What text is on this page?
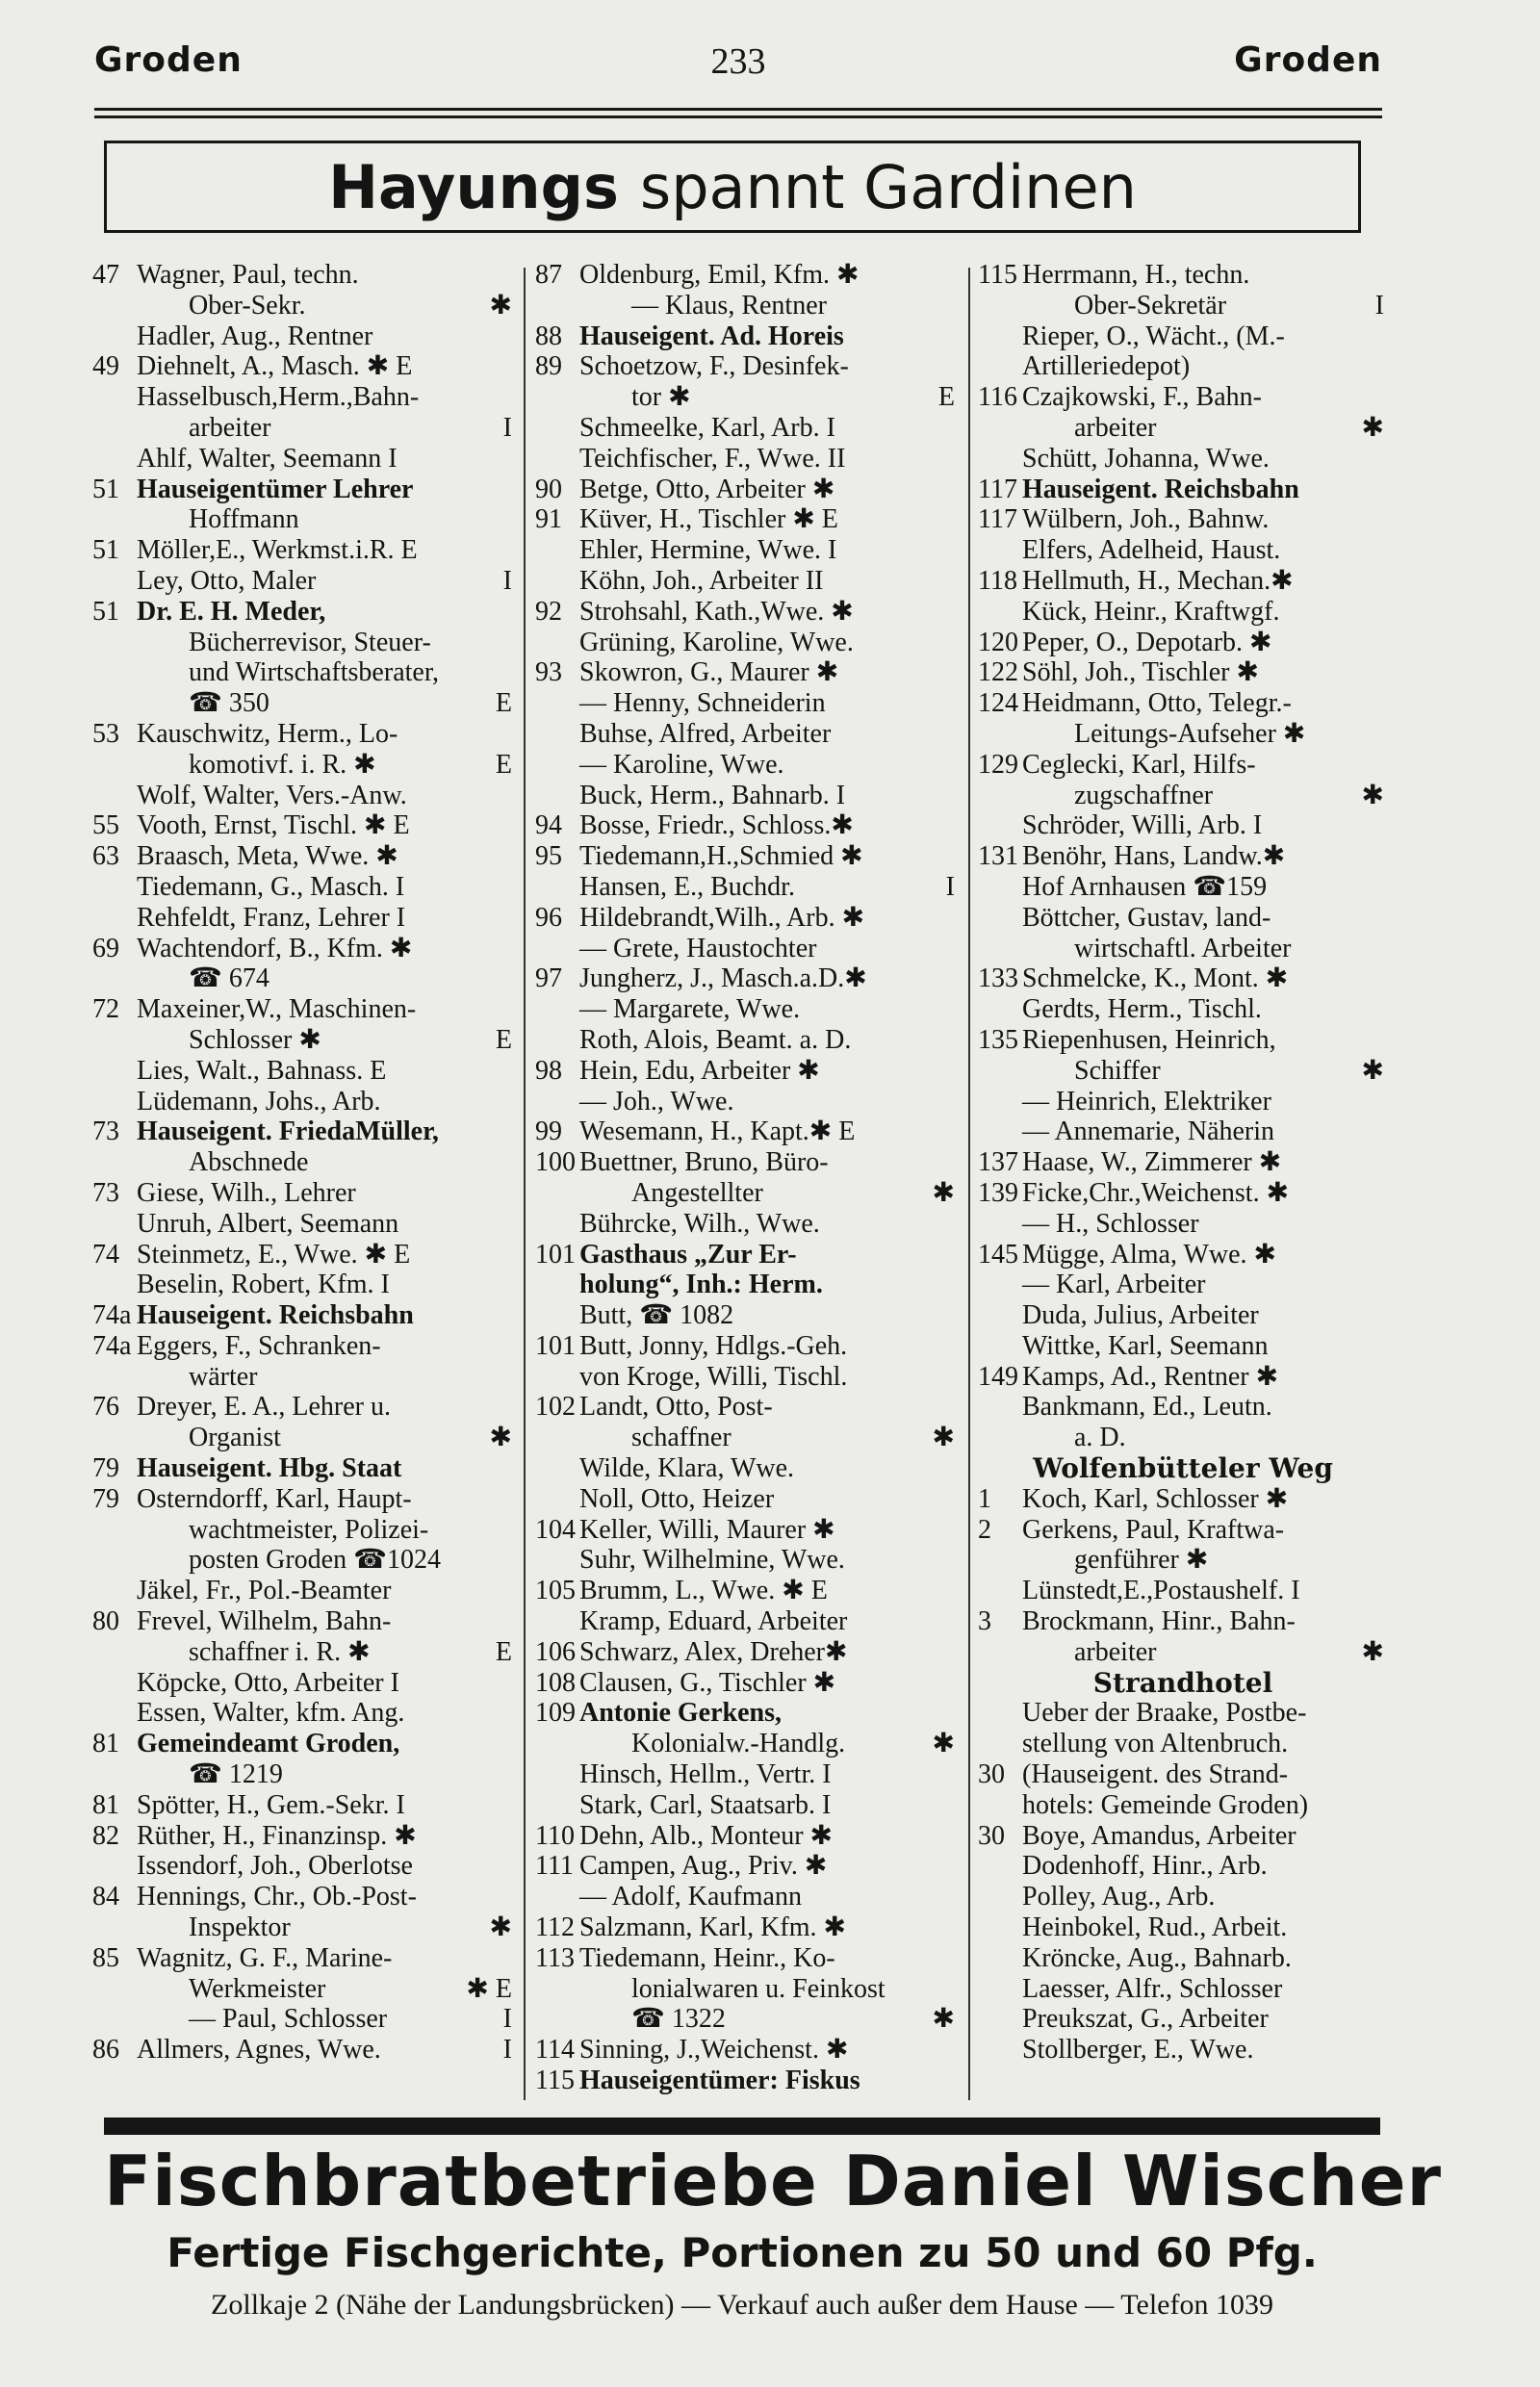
Groden	233	Groden
Hayungs spannt Gardinen
47 Wagner, Paul, techn.
Ober-Sekr.	✱
Hadler, Aug., Rentner
49 Diehnelt, A., Masch. ✱ E
Hasselbusch,Herm.,Bahn-
arbeiter	I
Ahlf, Walter, Seemann I
51 Hauseigentümer Lehrer
Hoffmann
51 Möller,E., Werkmst.i.R. E
Ley, Otto, Maler	I
51 Dr. E. H. Meder,
Bücherrevisor, Steuer-
und Wirtschaftsberater,
☎ 350	E
53 Kauschwitz, Herm., Lo-
komotivf. i. R. ✱	E
Wolf, Walter, Vers.-Anw.
55 Vooth, Ernst, Tischl. ✱ E
63 Braasch, Meta, Wwe. ✱
Tiedemann, G., Masch. I
Rehfeldt, Franz, Lehrer I
69 Wachtendorf, B., Kfm. ✱
☎ 674
72 Maxeiner,W., Maschinen-
Schlosser ✱	E
Lies, Walt., Bahnass. E
Lüdemann, Johs., Arb.
73 Hauseigent. FriedaMüller,
Abschnede
73 Giese, Wilh., Lehrer
Unruh, Albert, Seemann
74 Steinmetz, E., Wwe. ✱ E
Beselin, Robert, Kfm. I
74a Hauseigent. Reichsbahn
74a Eggers, F., Schranken-
wärter
76 Dreyer, E. A., Lehrer u.
Organist	✱
79 Hauseigent. Hbg. Staat
79 Osterndorff, Karl, Haupt-
wachtmeister, Polizei-
posten Groden ☎1024
Jäkel, Fr., Pol.-Beamter
80 Frevel, Wilhelm, Bahn-
schaffner i. R. ✱	E
Köpcke, Otto, Arbeiter I
Essen, Walter, kfm. Ang.
81 Gemeindeamt Groden,
☎ 1219
81 Spötter, H., Gem.-Sekr. I
82 Rüther, H., Finanzinsp. ✱
Issendorf, Joh., Oberlotse
84 Hennings, Chr., Ob.-Post-
Inspektor	✱
85 Wagnitz, G. F., Marine-
Werkmeister	✱ E
— Paul, Schlosser	I
86 Allmers, Agnes, Wwe.	I
87 Oldenburg, Emil, Kfm. ✱
— Klaus, Rentner
88 Hauseigent. Ad. Horeis
89 Schoetzow, F., Desinfek-
tor ✱	E
Schmeelke, Karl, Arb. I
Teichfischer, F., Wwe. II
90 Betge, Otto, Arbeiter ✱
91 Küver, H., Tischler ✱ E
Ehler, Hermine, Wwe. I
Köhn, Joh., Arbeiter II
92 Strohsahl, Kath.,Wwe. ✱
Grüning, Karoline, Wwe.
93 Skowron, G., Maurer ✱
— Henny, Schneiderin
Buhse, Alfred, Arbeiter
— Karoline, Wwe.
Buck, Herm., Bahnarb. I
94 Bosse, Friedr., Schloss.✱
95 Tiedemann,H.,Schmied ✱
Hansen, E., Buchdr.	I
96 Hildebrandt,Wilh., Arb. ✱
— Grete, Haustochter
97 Jungherz, J., Masch.a.D.✱
— Margarete, Wwe.
Roth, Alois, Beamt. a. D.
98 Hein, Edu, Arbeiter ✱
— Joh., Wwe.
99 Wesemann, H., Kapt.✱ E
100 Buettner, Bruno, Büro-
Angestellter	✱
Bührcke, Wilh., Wwe.
101 Gasthaus „Zur Er-
holung“, Inh.: Herm.
Butt, ☎ 1082
101 Butt, Jonny, Hdlgs.-Geh.
von Kroge, Willi, Tischl.
102 Landt, Otto, Post-
schaffner	✱
Wilde, Klara, Wwe.
Noll, Otto, Heizer
104 Keller, Willi, Maurer ✱
Suhr, Wilhelmine, Wwe.
105 Brumm, L., Wwe. ✱ E
Kramp, Eduard, Arbeiter
106 Schwarz, Alex, Dreher✱
108 Clausen, G., Tischler ✱
109 Antonie Gerkens,
Kolonialw.-Handlg.	✱
Hinsch, Hellm., Vertr. I
Stark, Carl, Staatsarb. I
110 Dehn, Alb., Monteur ✱
111 Campen, Aug., Priv. ✱
— Adolf, Kaufmann
112 Salzmann, Karl, Kfm. ✱
113 Tiedemann, Heinr., Ko-
lonialwaren u. Feinkost
☎ 1322	✱
114 Sinning, J.,Weichenst. ✱
115 Hauseigentümer: Fiskus
115 Herrmann, H., techn.
Ober-Sekretär	I
Rieper, O., Wächt., (M.-
Artilleriedepot)
116 Czajkowski, F., Bahn-
arbeiter	✱
Schütt, Johanna, Wwe.
117 Hauseigent. Reichsbahn
117 Wülbern, Joh., Bahnw.
Elfers, Adelheid, Haust.
118 Hellmuth, H., Mechan.✱
Kück, Heinr., Kraftwgf.
120 Peper, O., Depotarb. ✱
122 Söhl, Joh., Tischler ✱
124 Heidmann, Otto, Telegr.-
Leitungs-Aufseher ✱
129 Ceglecki, Karl, Hilfs-
zugschaffner	✱
Schröder, Willi, Arb. I
131 Benöhr, Hans, Landw.✱
Hof Arnhausen ☎159
Böttcher, Gustav, land-
wirtschaftl. Arbeiter
133 Schmelcke, K., Mont. ✱
Gerdts, Herm., Tischl.
135 Riepenhusen, Heinrich,
Schiffer	✱
— Heinrich, Elektriker
— Annemarie, Näherin
137 Haase, W., Zimmerer ✱
139 Ficke,Chr.,Weichenst. ✱
— H., Schlosser
145 Mügge, Alma, Wwe. ✱
— Karl, Arbeiter
Duda, Julius, Arbeiter
Wittke, Karl, Seemann
149 Kamps, Ad., Rentner ✱
Bankmann, Ed., Leutn.
a. D.
Wolfenbütteler Weg
1 Koch, Karl, Schlosser ✱
2 Gerkens, Paul, Kraftwa-
genführer ✱
Lünstedt,E.,Postaushelf. I
3 Brockmann, Hinr., Bahn-
arbeiter	✱
Strandhotel
Ueber der Braake, Postbe-
stellung von Altenbruch.
30 (Hauseigent. des Strand-
hotels: Gemeinde Groden)
30 Boye, Amandus, Arbeiter
Dodenhoff, Hinr., Arb.
Polley, Aug., Arb.
Heinbokel, Rud., Arbeit.
Kröncke, Aug., Bahnarb.
Laesser, Alfr., Schlosser
Preukszat, G., Arbeiter
Stollberger, E., Wwe.
Fischbratbetriebe Daniel Wischer
Fertige Fischgerichte, Portionen zu 50 und 60 Pfg.
Zollkaje 2 (Nähe der Landungsbrücken) — Verkauf auch außer dem Hause — Telefon 1039
